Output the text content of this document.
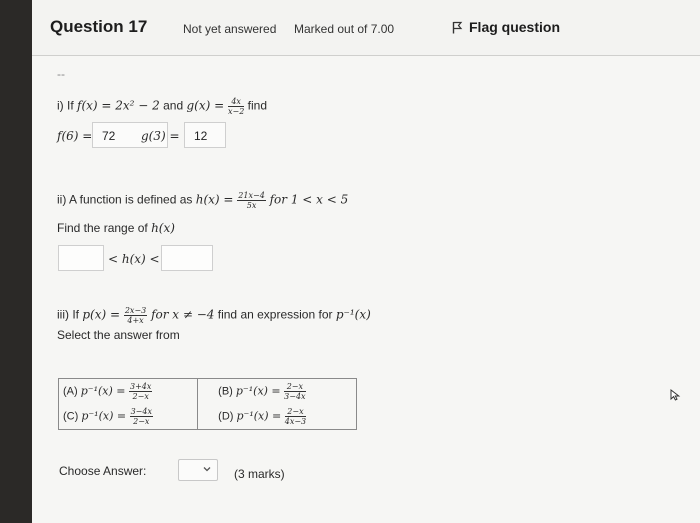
Question 17	Not yet answered Marked out of 7.00	Flag question
--
i) If f(x) = 2x² − 2 and $g(x) = \frac{4x}{x-2}$ find
f(6) = 72	g(3) =	12
ii) A function is defined as $h(x) = \frac{21x-4}{5x}$ for 1 < x < 5
Find the range of h(x)
< h(x) <
iii) If $p(x) = \frac{2x-3}{4+x}$ for x ≠ −4 find an expression for p⁻¹(x)
Select the answer from
(A) $p^{-1}(x) = \frac{3+4x}{2-x}$	(B) $p^{-1}(x) = \frac{2-x}{3-4x}$

(C) $p^{-1}(x) = \frac{3-4x}{2-x}$	(D) $p^{-1}(x) = \frac{2-x}{4x-3}$
Choose Answer:	(3 marks)
